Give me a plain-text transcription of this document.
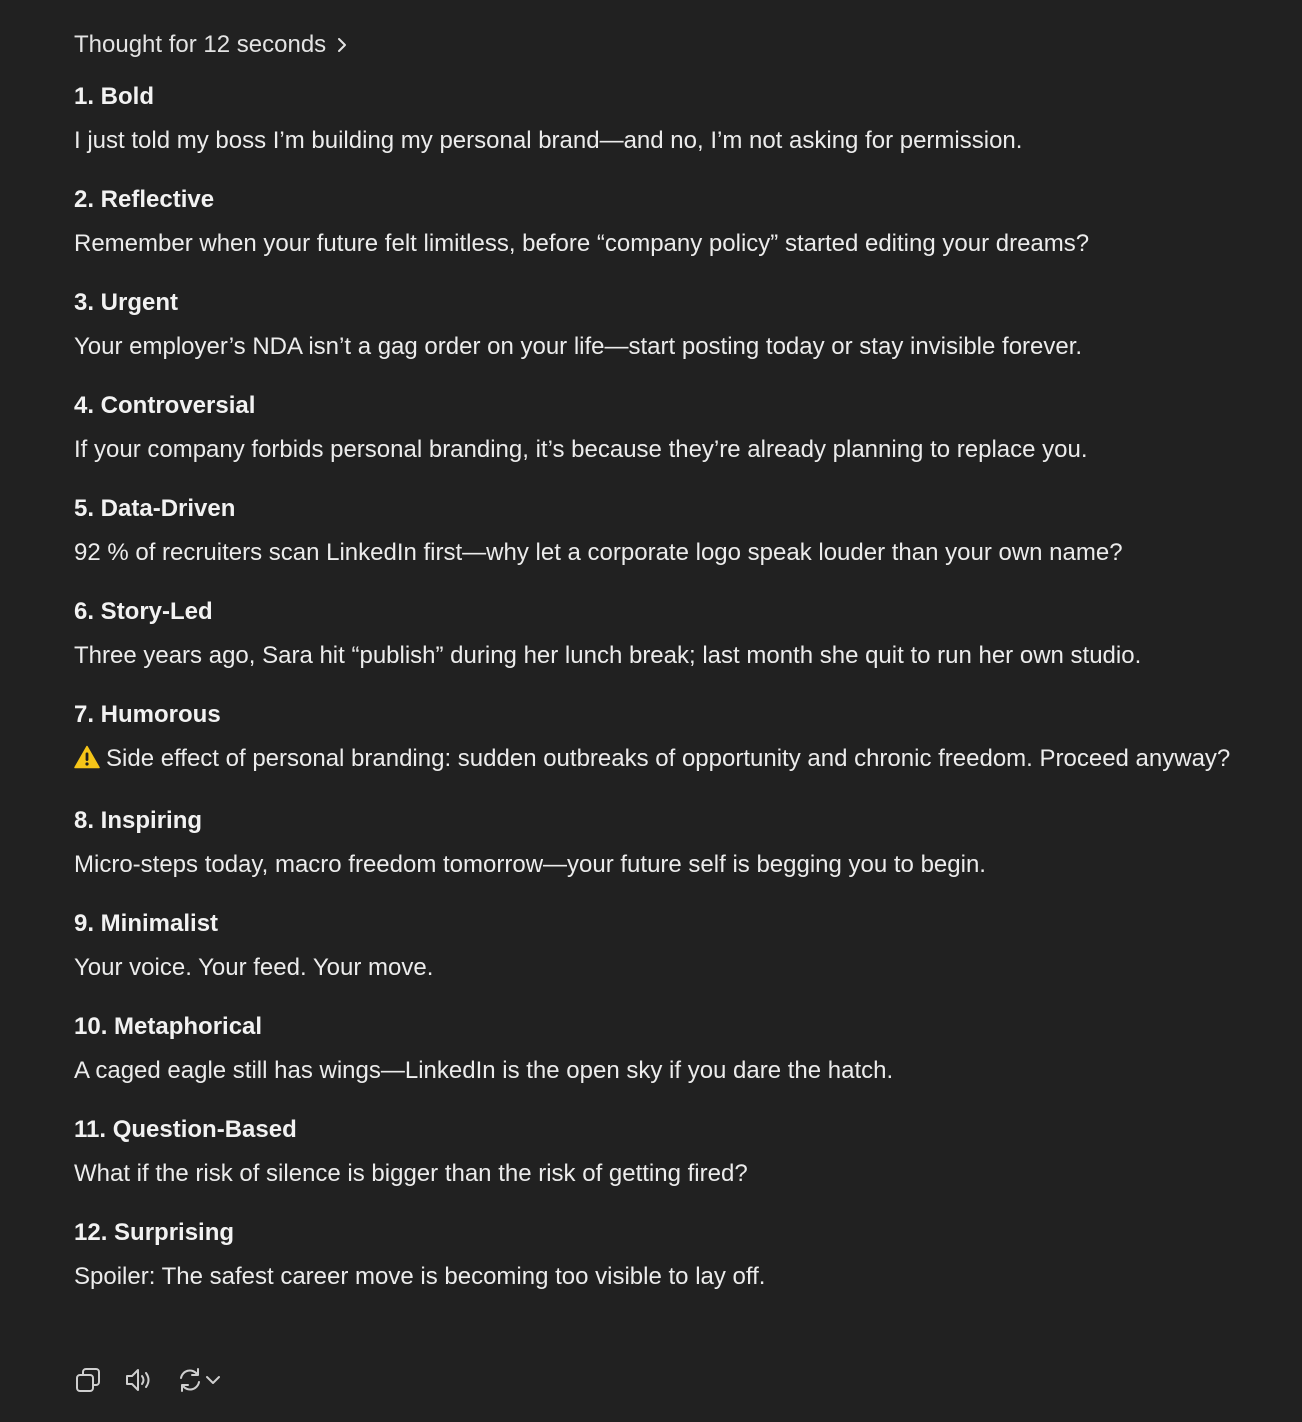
Thought for 12 seconds
1. Bold
I just told my boss I’m building my personal brand—and no, I’m not asking for permission.
2. Reflective
Remember when your future felt limitless, before “company policy” started editing your dreams?
3. Urgent
Your employer’s NDA isn’t a gag order on your life—start posting today or stay invisible forever.
4. Controversial
If your company forbids personal branding, it’s because they’re already planning to replace you.
5. Data-Driven
92 % of recruiters scan LinkedIn first—why let a corporate logo speak louder than your own name?
6. Story-Led
Three years ago, Sara hit “publish” during her lunch break; last month she quit to run her own studio.
7. Humorous
Side effect of personal branding: sudden outbreaks of opportunity and chronic freedom. Proceed anyway?
8. Inspiring
Micro-steps today, macro freedom tomorrow—your future self is begging you to begin.
9. Minimalist
Your voice. Your feed. Your move.
10. Metaphorical
A caged eagle still has wings—LinkedIn is the open sky if you dare the hatch.
11. Question-Based
What if the risk of silence is bigger than the risk of getting fired?
12. Surprising
Spoiler: The safest career move is becoming too visible to lay off.
